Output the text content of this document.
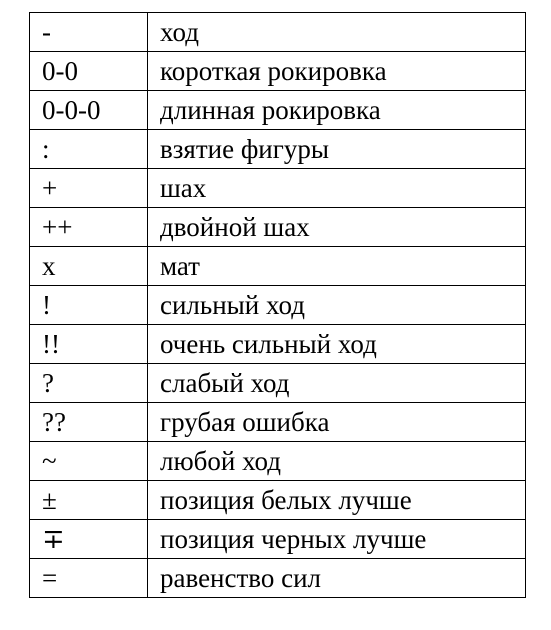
-	ход
0-0	короткая рокировка
0-0-0	длинная рокировка
:	взятие фигуры
+	шах
++	двойной шах
x	мат
!	сильный ход
!!	очень сильный ход
?	слабый ход
??	грубая ошибка
~	любой ход
±	позиция белых лучше
∓	позиция черных лучше
=	равенство сил
